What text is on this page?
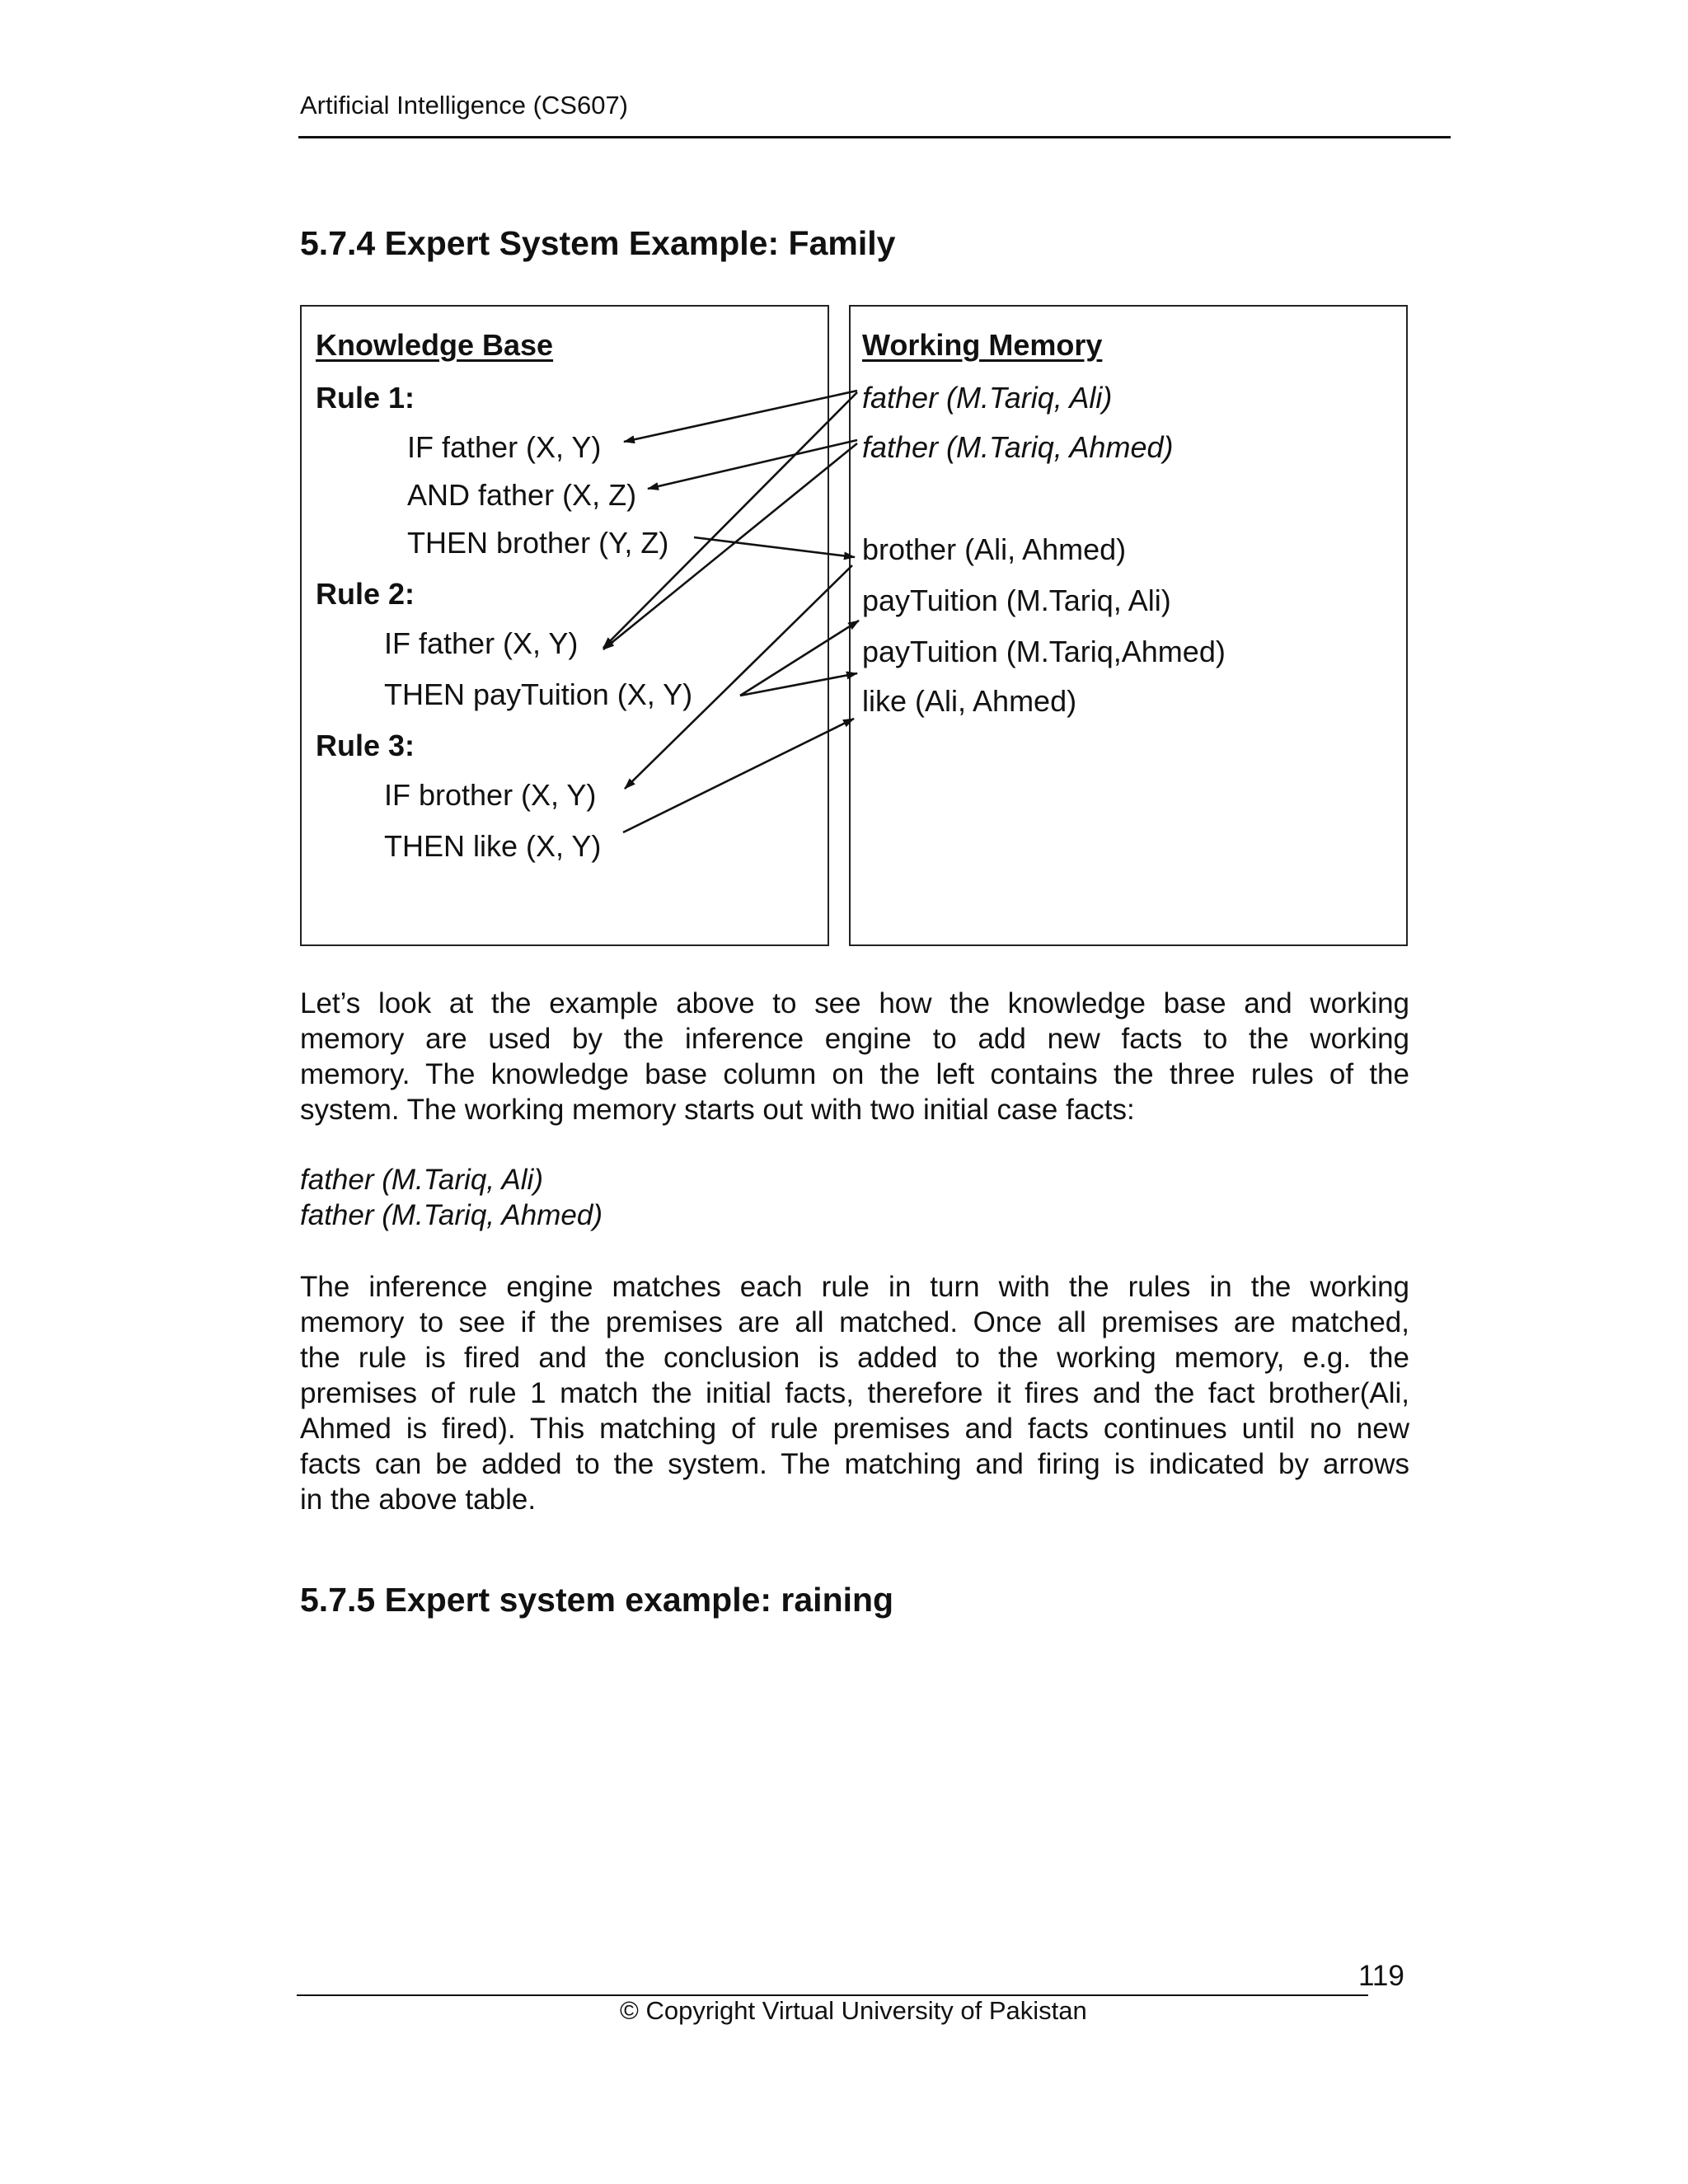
Artificial Intelligence (CS607)
5.7.4 Expert System Example: Family
Knowledge Base
Rule 1:
IF father (X, Y)
AND father (X, Z)
THEN brother (Y, Z)
Rule 2:
IF father (X, Y)
THEN payTuition (X, Y)
Rule 3:
IF brother (X, Y)
THEN like (X, Y)
Working Memory
father (M.Tariq, Ali)
father (M.Tariq, Ahmed)
brother (Ali, Ahmed)
payTuition (M.Tariq, Ali)
payTuition (M.Tariq,Ahmed)
like (Ali, Ahmed)
Let’s look at the example above to see how the knowledge base and working
memory are used by the inference engine to add new facts to the working
memory. The knowledge base column on the left contains the three rules of the
system. The working memory starts out with two initial case facts:
father (M.Tariq, Ali)
father (M.Tariq, Ahmed)
The inference engine matches each rule in turn with the rules in the working
memory to see if the premises are all matched. Once all premises are matched,
the rule is fired and the conclusion is added to the working memory, e.g. the
premises of rule 1 match the initial facts, therefore it fires and the fact brother(Ali,
Ahmed is fired). This matching of rule premises and facts continues until no new
facts can be added to the system. The matching and firing is indicated by arrows
in the above table.
5.7.5 Expert system example: raining
119
© Copyright Virtual University of Pakistan
